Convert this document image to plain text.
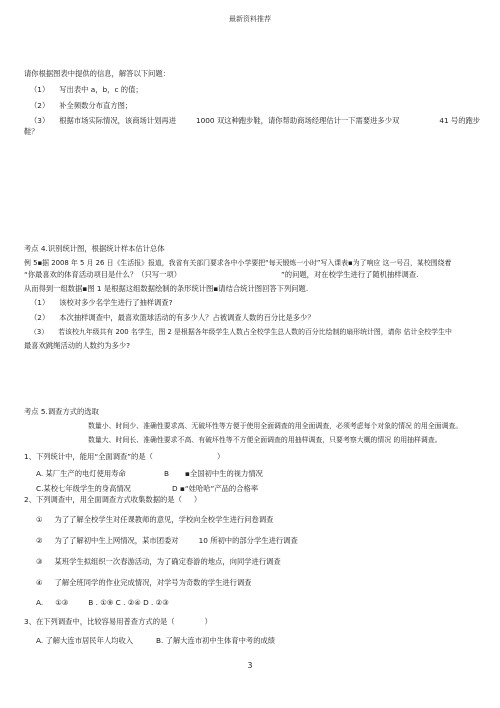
最新资料推荐
请你根据图表中提供的信息，解答以下问题：
（1） 写出表中 a，b，c 的值；
（2） 补全频数分布直方图；
（3） 根据市场实际情况，该商场计划再进	1000 双这种跑步鞋，请你帮助商场经理估计一下需要进多少双	41 号的跑步
鞋？
考点 4.识别统计图，根据统计样本估计总体
例 5▪据 2008 年 5 月 26 日《生活报》报道，我省有关部门要求各中小学要把“每天锻炼一小时”写入课表▪为了响应 这一号召，某校围绕着
“你最喜欢的体育活动项目是什么？（只写一项）	”的问题，对在校学生进行了随机抽样调查.
从而得到一组数据▪图 1 是根据这组数据绘制的条形统计图▪请结合统计图回答下列问题.
（1） 该校对多少名学生进行了抽样调查?
（2） 本次抽样调查中，最喜欢篮球活动的有多少人？占被调查人数的百分比是多少？
（3） 若该校九年级共有 200 名学生，图 2 是根据各年级学生人数占全校学生总人数的百分比绘制的扇形统计图，请你 估计全校学生中
最喜欢跳绳活动的人数约为多少?
考点 5.调查方式的选取
数量小、时间少、准确性要求高、无破坏性等方便于使用全面调查的用全面调查，必须考虑每个对象的情况 的用全面调查。
数量大、时间长、准确性要求不高、有破坏性等不方便全面调查的用抽样调查，只要考察大概的情况 的用抽样调查。
1、下列统计中，能用“全面调查”的是（	）
A. 某厂生产的电灯使用寿命	B ▪全国初中生的视力情况
C.某校七年级学生的身高情况	D ▪“娃哈哈”产品的合格率
2、下列调查中，用全面调查方式收集数据的是（ ）
① 为了了解全校学生对任课教师的意见，学校向全校学生进行问卷调查
② 为了了解初中生上网情况，某市团委对	10 所初中的部分学生进行调查
③ 某班学生拟组织一次春游活动，为了确定春游的地点，向同学进行调查
④ 了解全班同学的作业完成情况，对学号为奇数的学生进行调查
A. ①③	B . ①⑨ C . ②④ D . ②③
3、在下列调查中，比较容易用普查方式的是（	）
A. 了解大连市居民年人均收入	B. 了解大连市初中生体育中考的成绩
3
